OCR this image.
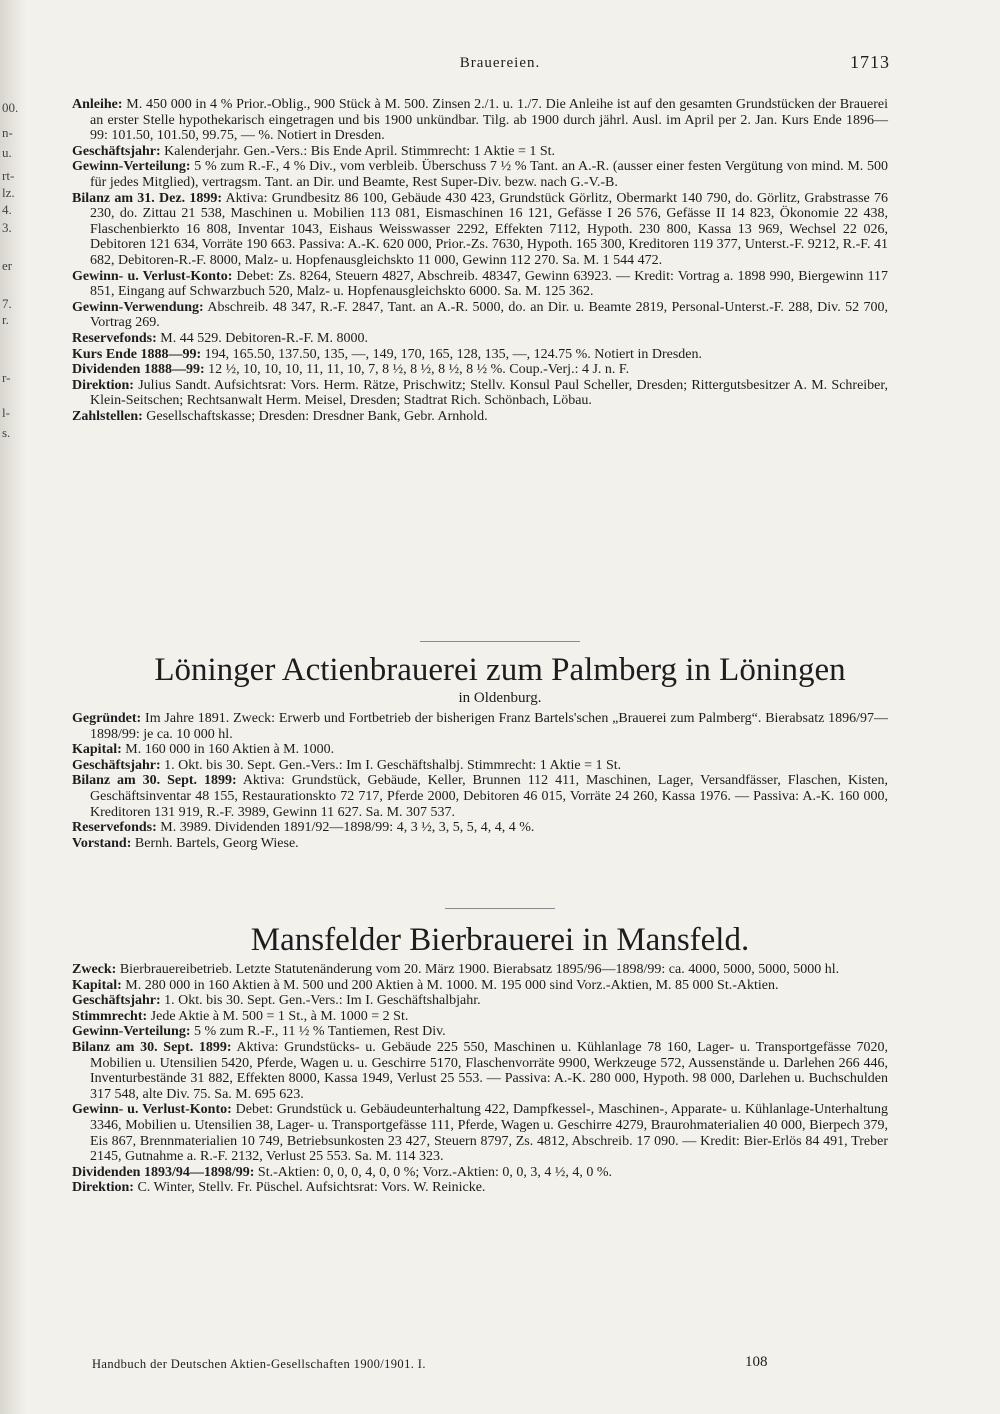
00.
n-
u.
rt-
lz.
4.
3.
er
7.
r.
r-
l-
s.
Brauereien.	1713

Anleihe: M. 450 000 in 4 % Prior.-Oblig., 900 Stück à M. 500. Zinsen 2./1. u. 1./7. Die Anleihe ist auf den gesamten Grundstücken der Brauerei an erster Stelle hypothekarisch eingetragen und bis 1900 unkündbar. Tilg. ab 1900 durch jährl. Ausl. im April per 2. Jan. Kurs Ende 1896—99: 101.50, 101.50, 99.75, — %. Notiert in Dresden.

Geschäftsjahr: Kalenderjahr. Gen.-Vers.: Bis Ende April. Stimmrecht: 1 Aktie = 1 St.

Gewinn-Verteilung: 5 % zum R.-F., 4 % Div., vom verbleib. Überschuss 7 ½ % Tant. an A.-R. (ausser einer festen Vergütung von mind. M. 500 für jedes Mitglied), vertragsm. Tant. an Dir. und Beamte, Rest Super-Div. bezw. nach G.-V.-B.

Bilanz am 31. Dez. 1899: Aktiva: Grundbesitz 86 100, Gebäude 430 423, Grundstück Görlitz, Obermarkt 140 790, do. Görlitz, Grabstrasse 76 230, do. Zittau 21 538, Maschinen u. Mobilien 113 081, Eismaschinen 16 121, Gefässe I 26 576, Gefässe II 14 823, Ökonomie 22 438, Flaschenbierkto 16 808, Inventar 1043, Eishaus Weisswasser 2292, Effekten 7112, Hypoth. 230 800, Kassa 13 969, Wechsel 22 026, Debitoren 121 634, Vorräte 190 663. Passiva: A.-K. 620 000, Prior.-Zs. 7630, Hypoth. 165 300, Kreditoren 119 377, Unterst.-F. 9212, R.-F. 41 682, Debitoren-R.-F. 8000, Malz- u. Hopfenausgleichskto 11 000, Gewinn 112 270. Sa. M. 1 544 472.

Gewinn- u. Verlust-Konto: Debet: Zs. 8264, Steuern 4827, Abschreib. 48347, Gewinn 63923. — Kredit: Vortrag a. 1898 990, Biergewinn 117 851, Eingang auf Schwarzbuch 520, Malz- u. Hopfenausgleichskto 6000. Sa. M. 125 362.

Gewinn-Verwendung: Abschreib. 48 347, R.-F. 2847, Tant. an A.-R. 5000, do. an Dir. u. Beamte 2819, Personal-Unterst.-F. 288, Div. 52 700, Vortrag 269.

Reservefonds: M. 44 529. Debitoren-R.-F. M. 8000.

Kurs Ende 1888—99: 194, 165.50, 137.50, 135, —, 149, 170, 165, 128, 135, —, 124.75 %. Notiert in Dresden.

Dividenden 1888—99: 12 ½, 10, 10, 10, 11, 11, 10, 7, 8 ½, 8 ½, 8 ½, 8 ½ %. Coup.-Verj.: 4 J. n. F.

Direktion: Julius Sandt. Aufsichtsrat: Vors. Herm. Rätze, Prischwitz; Stellv. Konsul Paul Scheller, Dresden; Rittergutsbesitzer A. M. Schreiber, Klein-Seitschen; Rechtsanwalt Herm. Meisel, Dresden; Stadtrat Rich. Schönbach, Löbau.

Zahlstellen: Gesellschaftskasse; Dresden: Dresdner Bank, Gebr. Arnhold.

Löninger Actienbrauerei zum Palmberg in Löningen
in Oldenburg.

Gegründet: Im Jahre 1891. Zweck: Erwerb und Fortbetrieb der bisherigen Franz Bartels'schen „Brauerei zum Palmberg“. Bierabsatz 1896/97—1898/99: je ca. 10 000 hl.

Kapital: M. 160 000 in 160 Aktien à M. 1000.

Geschäftsjahr: 1. Okt. bis 30. Sept. Gen.-Vers.: Im I. Geschäftshalbj. Stimmrecht: 1 Aktie = 1 St.

Bilanz am 30. Sept. 1899: Aktiva: Grundstück, Gebäude, Keller, Brunnen 112 411, Maschinen, Lager, Versandfässer, Flaschen, Kisten, Geschäftsinventar 48 155, Restaurationskto 72 717, Pferde 2000, Debitoren 46 015, Vorräte 24 260, Kassa 1976. — Passiva: A.-K. 160 000, Kreditoren 131 919, R.-F. 3989, Gewinn 11 627. Sa. M. 307 537.

Reservefonds: M. 3989. Dividenden 1891/92—1898/99: 4, 3 ½, 3, 5, 5, 4, 4, 4 %.

Vorstand: Bernh. Bartels, Georg Wiese.

Mansfelder Bierbrauerei in Mansfeld.

Zweck: Bierbrauereibetrieb. Letzte Statutenänderung vom 20. März 1900. Bierabsatz 1895/96—1898/99: ca. 4000, 5000, 5000, 5000 hl.

Kapital: M. 280 000 in 160 Aktien à M. 500 und 200 Aktien à M. 1000. M. 195 000 sind Vorz.-Aktien, M. 85 000 St.-Aktien.

Geschäftsjahr: 1. Okt. bis 30. Sept. Gen.-Vers.: Im I. Geschäftshalbjahr.

Stimmrecht: Jede Aktie à M. 500 = 1 St., à M. 1000 = 2 St.

Gewinn-Verteilung: 5 % zum R.-F., 11 ½ % Tantiemen, Rest Div.

Bilanz am 30. Sept. 1899: Aktiva: Grundstücks- u. Gebäude 225 550, Maschinen u. Kühlanlage 78 160, Lager- u. Transportgefässe 7020, Mobilien u. Utensilien 5420, Pferde, Wagen u. u. Geschirre 5170, Flaschenvorräte 9900, Werkzeuge 572, Aussenstände u. Darlehen 266 446, Inventurbestände 31 882, Effekten 8000, Kassa 1949, Verlust 25 553. — Passiva: A.-K. 280 000, Hypoth. 98 000, Darlehen u. Buchschulden 317 548, alte Div. 75. Sa. M. 695 623.

Gewinn- u. Verlust-Konto: Debet: Grundstück u. Gebäudeunterhaltung 422, Dampfkessel-, Maschinen-, Apparate- u. Kühlanlage-Unterhaltung 3346, Mobilien u. Utensilien 38, Lager- u. Transportgefässe 111, Pferde, Wagen u. Geschirre 4279, Braurohmaterialien 40 000, Bierpech 379, Eis 867, Brennmaterialien 10 749, Betriebsunkosten 23 427, Steuern 8797, Zs. 4812, Abschreib. 17 090. — Kredit: Bier-Erlös 84 491, Treber 2145, Gutnahme a. R.-F. 2132, Verlust 25 553. Sa. M. 114 323.

Dividenden 1893/94—1898/99: St.-Aktien: 0, 0, 0, 4, 0, 0 %; Vorz.-Aktien: 0, 0, 3, 4 ½, 4, 0 %.

Direktion: C. Winter, Stellv. Fr. Püschel. Aufsichtsrat: Vors. W. Reinicke.

Handbuch der Deutschen Aktien-Gesellschaften 1900/1901. I.	108
